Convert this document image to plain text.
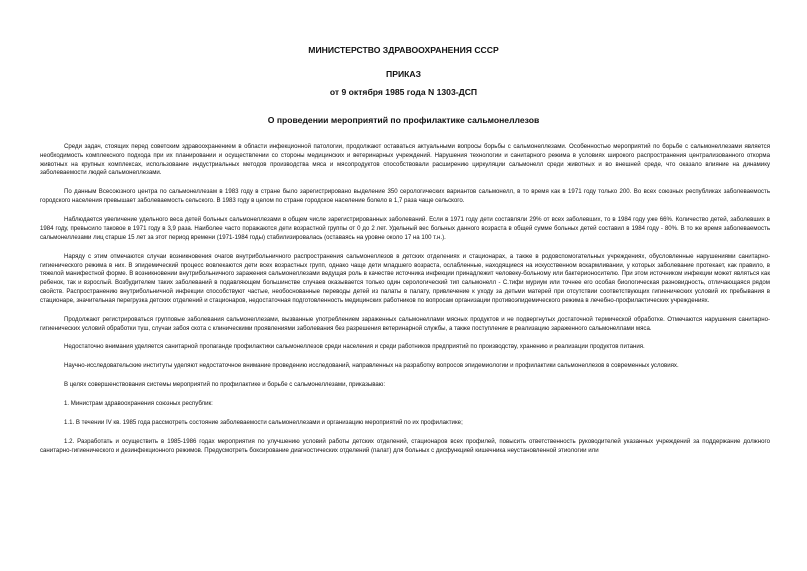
МИНИСТЕРСТВО ЗДРАВООХРАНЕНИЯ СССР
ПРИКАЗ
от 9 октября 1985 года N 1303-ДСП
О проведении мероприятий по профилактике сальмонеллезов

Среди задач, стоящих перед советским здравоохранением в области инфекционной патологии, продолжают оставаться актуальными вопросы борьбы с сальмонеллезами. Особенностью мероприятий по борьбе с сальмонеллезами является необходимость комплексного подхода при их планировании и осуществлении со стороны медицинских и ветеринарных учреждений. Нарушения технологии и санитарного режима в условиях широкого распространения централизованного откорма животных на крупных комплексах, использование индустриальных методов производства мяса и мясопродуктов способствовали расширению циркуляции сальмонелл среди животных и во внешней среде, что оказало влияние на динамику заболеваемости людей сальмонеллезами.

По данным Всесоюзного центра по сальмонеллезам в 1983 году в стране было зарегистрировано выделение 350 серологических вариантов сальмонелл, в то время как в 1971 году только 200. Во всех союзных республиках заболеваемость городского населения превышает заболеваемость сельского. В 1983 году в целом по стране городское население болело в 1,7 раза чаще сельского.

Наблюдается увеличение удельного веса детей больных сальмонеллезами в общем числе зарегистрированных заболеваний. Если в 1971 году дети составляли 29% от всех заболевших, то в 1984 году уже 66%. Количество детей, заболевших в 1984 году, превысило таковое в 1971 году в 3,9 раза. Наиболее часто поражаются дети возрастной группы от 0 до 2 лет. Удельный вес больных данного возраста в общей сумме больных детей составил в 1984 году - 80%. В то же время заболеваемость сальмонеллезами лиц старше 15 лет за этот период времени (1971-1984 годы) стабилизировалась (оставаясь на уровне около 17 на 100 т.н.).

Наряду с этим отмечаются случаи возникновения очагов внутрибольничного распространения сальмонеллезов в детских отделениях и стационарах, а также в родовспомогательных учреждениях, обусловленные нарушениями санитарно-гигиенического режима в них. В эпидемический процесс вовлекаются дети всех возрастных групп, однако чаще дети младшего возраста, ослабленные, находящиеся на искусственном вскармливании, у которых заболевание протекает, как правило, в тяжелой манифестной форме. В возникновении внутрибольничного заражения сальмонеллезами ведущая роль в качестве источника инфекции принадлежит человеку-больному или бактерионосителю. При этом источником инфекции может являться как ребенок, так и взрослый. Возбудителем таких заболеваний в подавляющем большинстве случаев оказывается только один серологический тип сальмонелл - С.тифи муриум или точнее его особая биологическая разновидность, отличающаяся рядом свойств. Распространению внутрибольничной инфекции способствуют частые, необоснованные переводы детей из палаты в палату, привлечение к уходу за детьми матерей при отсутствии соответствующих гигиенических условий их пребывания в стационаре, значительная перегрузка детских отделений и стационаров, недостаточная подготовленность медицинских работников по вопросам организации противоэпидемического режима в лечебно-профилактических учреждениях.

Продолжают регистрироваться групповые заболевания сальмонеллезами, вызванные употреблением зараженных сальмонеллами мясных продуктов и не подвергнутых достаточной термической обработке. Отмечаются нарушения санитарно-гигиенических условий обработки туш, случаи забоя скота с клиническими проявлениями заболевания без разрешения ветеринарной службы, а также поступление в реализацию зараженного сальмонеллами мяса.

Недостаточно внимания уделяется санитарной пропаганде профилактики сальмонеллезов среди населения и среди работников предприятий по производству, хранению и реализации продуктов питания.

Научно-исследовательские институты уделяют недостаточное внимание проведению исследований, направленных на разработку вопросов эпидемиологии и профилактики сальмонеллезов в современных условиях.

В целях совершенствования системы мероприятий по профилактике и борьбе с сальмонеллезами, приказываю:

1. Министрам здравоохранения союзных республик:

1.1. В течении IV кв. 1985 года рассмотреть состояние заболеваемости сальмонеллезами и организацию мероприятий по их профилактике;

1.2. Разработать и осуществить в 1985-1986 годах мероприятия по улучшению условий работы детских отделений, стационаров всех профилей, повысить ответственность руководителей указанных учреждений за поддержание должного санитарно-гигиенического и дезинфекционного режимов. Предусмотреть боксирование диагностических отделений (палат) для больных с дисфункцией кишечника неустановленной этиологии или
